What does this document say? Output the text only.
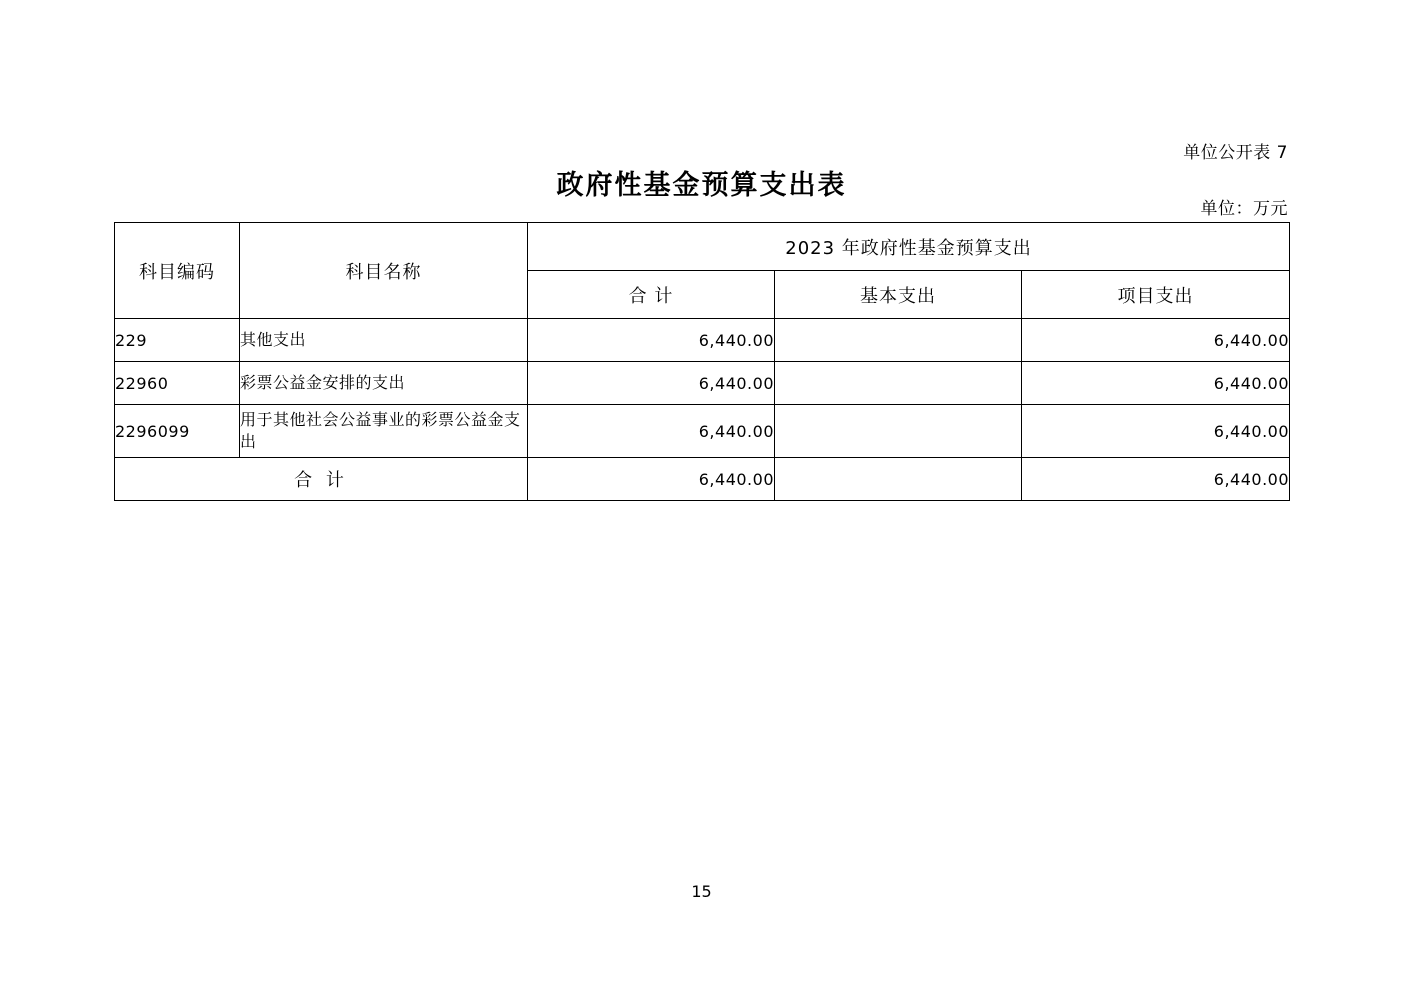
单位公开表 7
政府性基金预算支出表
单位：万元
科目编码	科目名称	2023 年政府性基金预算支出		
		合 计	基本支出	项目支出
229	其他支出	6,440.00		6,440.00
22960	彩票公益金安排的支出	6,440.00		6,440.00
2296099	用于其他社会公益事业的彩票公益金支出	6,440.00		6,440.00
合 计		6,440.00		6,440.00
15
